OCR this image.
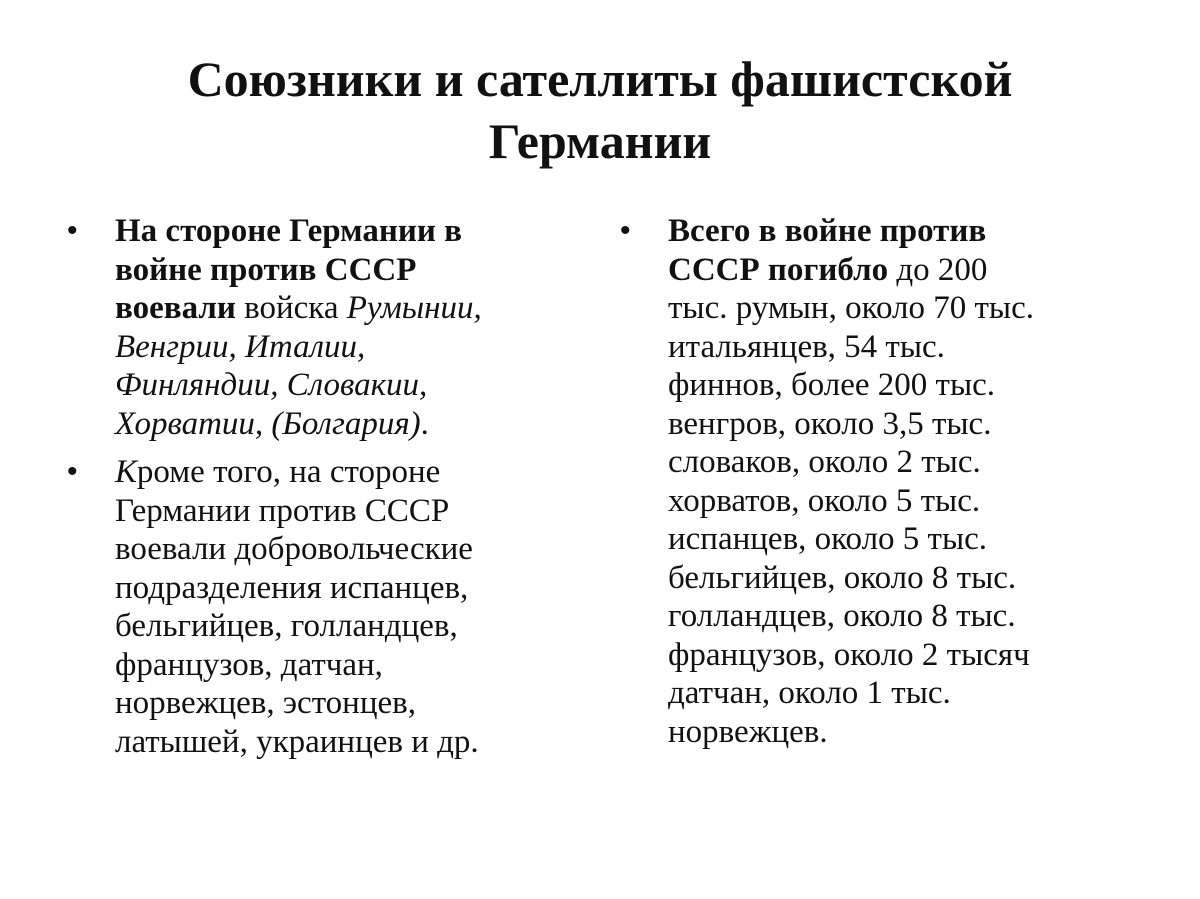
Союзники и сателлиты фашистской
Германии
• На стороне Германии в
войне против СССР
воевали войска Румынии,
Венгрии, Италии,
Финляндии, Словакии,
Хорватии, (Болгария).
• Кроме того, на стороне
Германии против СССР
воевали добровольческие
подразделения испанцев,
бельгийцев, голландцев,
французов, датчан,
норвежцев, эстонцев,
латышей, украинцев и др.
• Всего в войне против
СССР погибло до 200
тыс. румын, около 70 тыс.
итальянцев, 54 тыс.
финнов, более 200 тыс.
венгров, около 3,5 тыс.
словаков, около 2 тыс.
хорватов, около 5 тыс.
испанцев, около 5 тыс.
бельгийцев, около 8 тыс.
голландцев, около 8 тыс.
французов, около 2 тысяч
датчан, около 1 тыс.
норвежцев.
